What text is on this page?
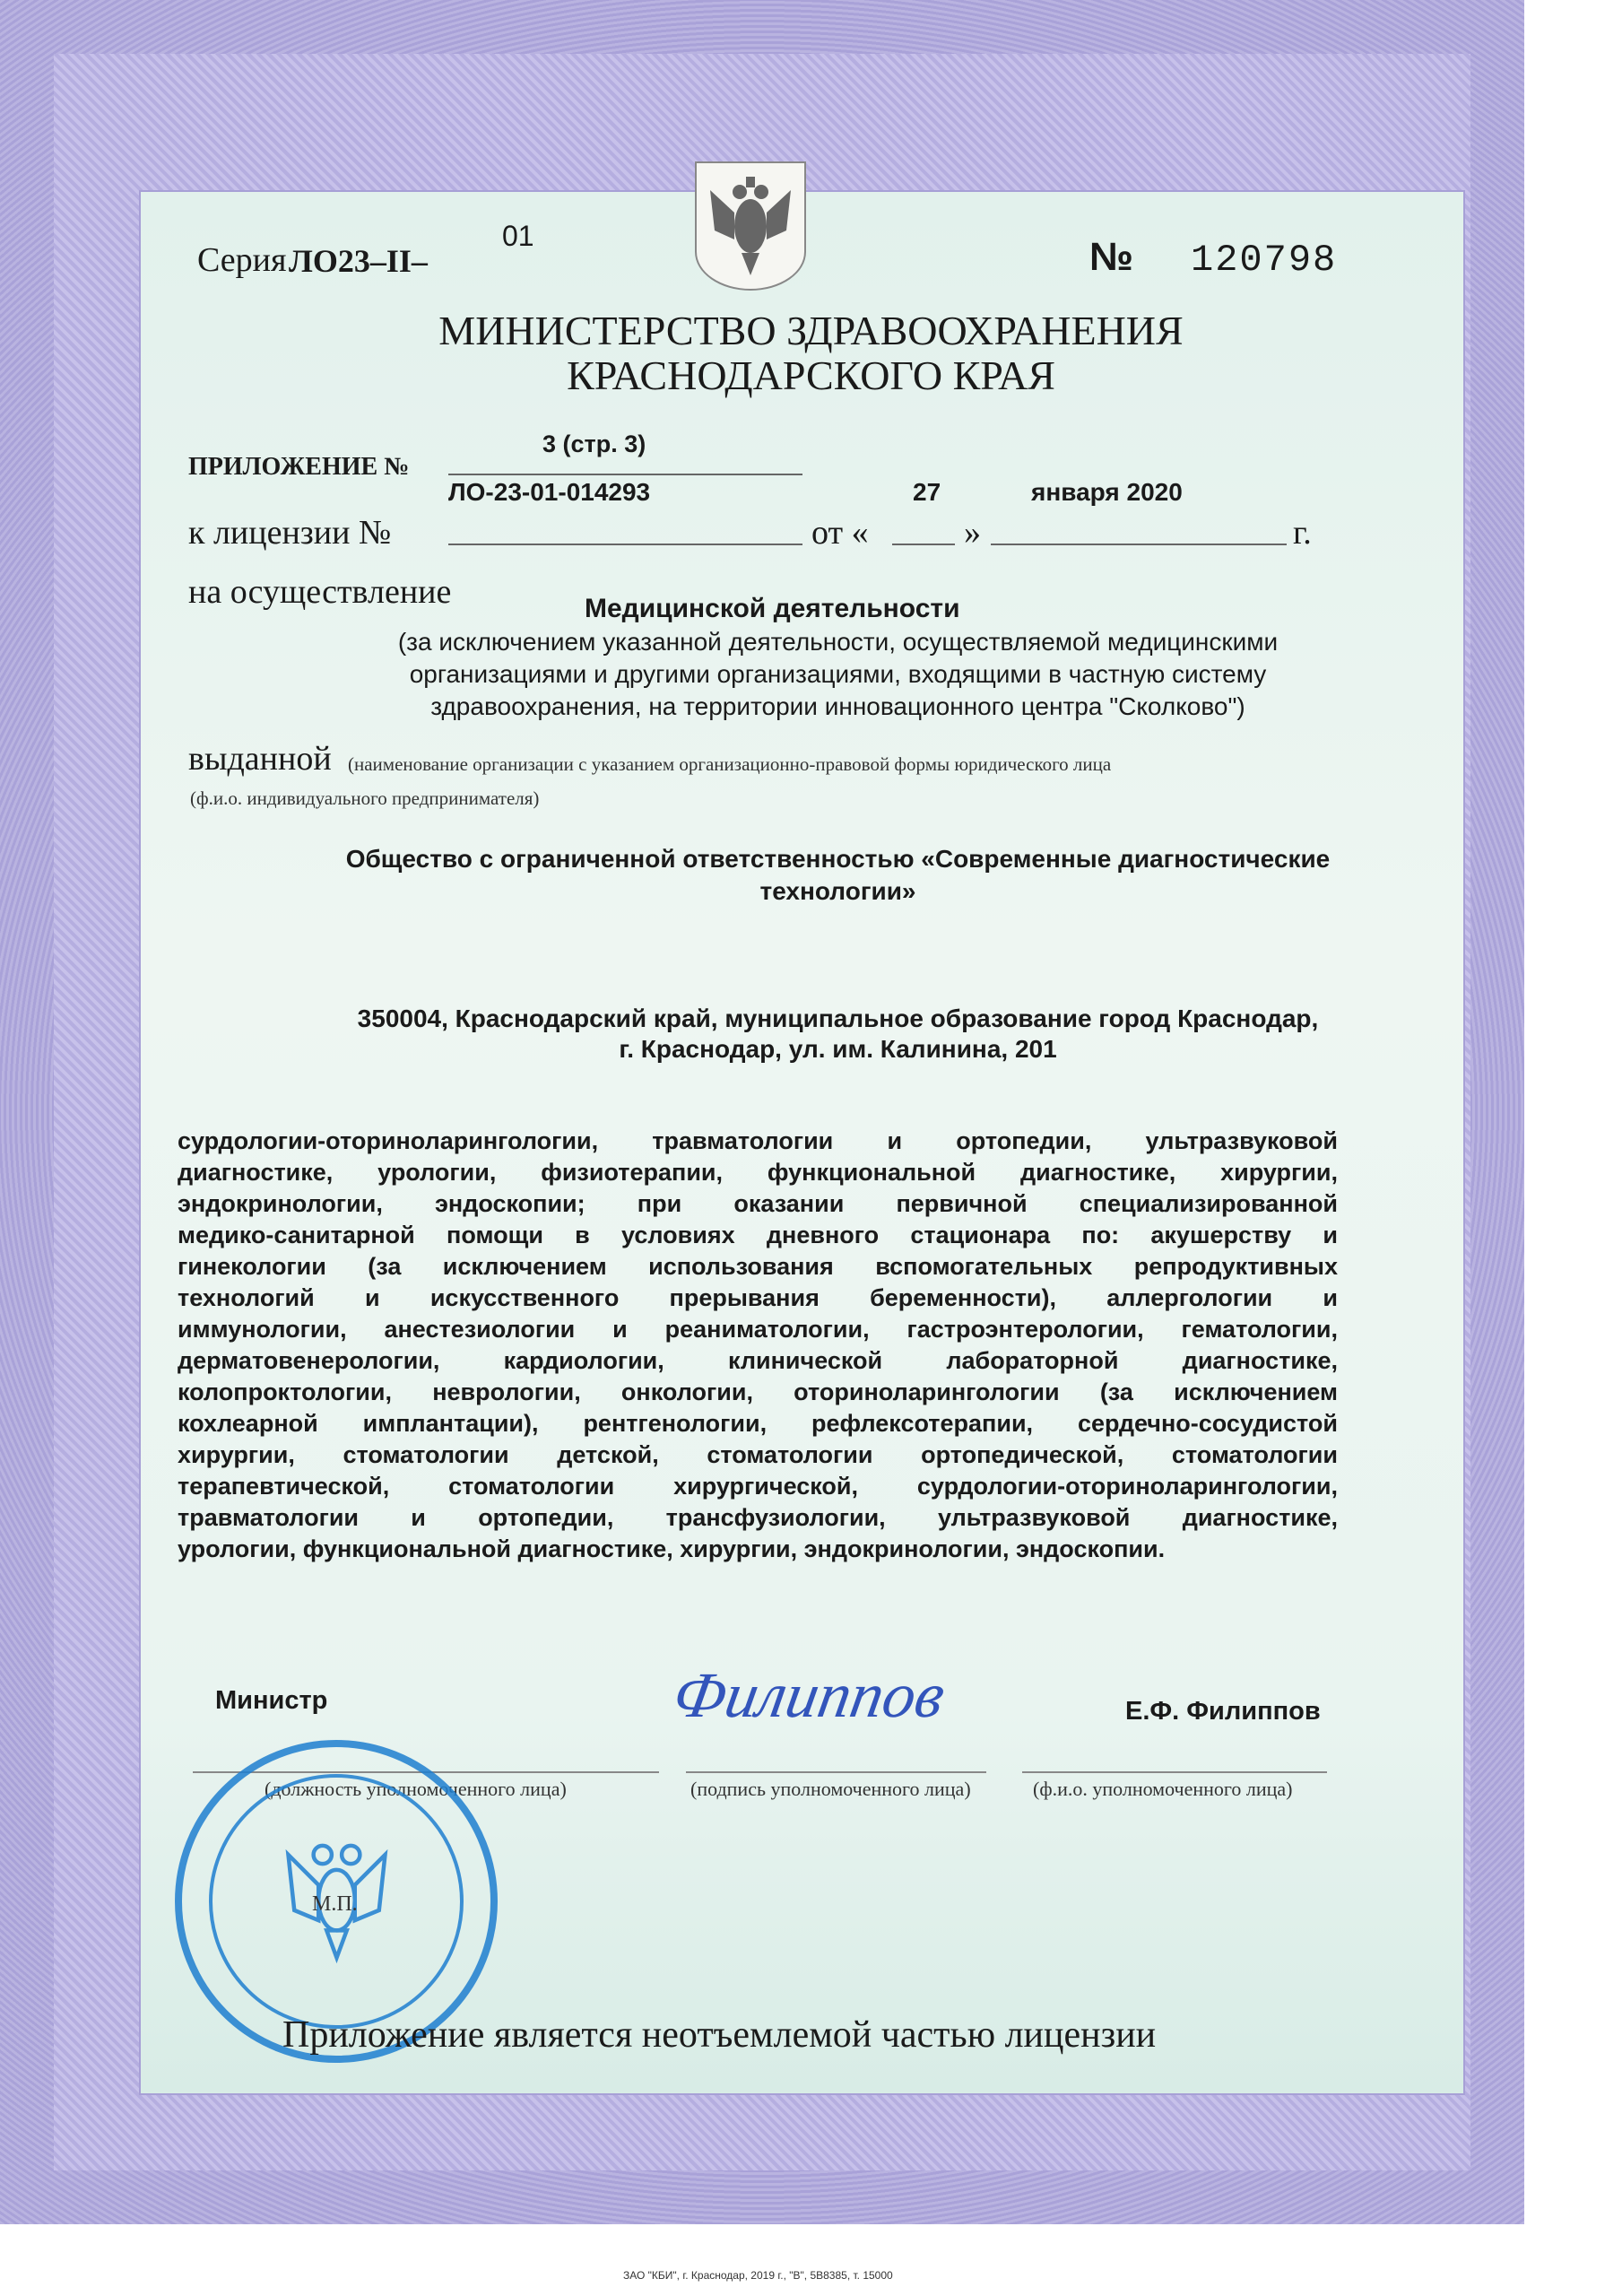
Серия ЛО23–II–
01	№ 120798
МИНИСТЕРСТВО ЗДРАВООХРАНЕНИЯ
КРАСНОДАРСКОГО КРАЯ
3 (стр. 3)
ПРИЛОЖЕНИЕ №
ЛО-23-01-014293	27	января 2020
к лицензии №	от «	»	г.
на осуществление	Медицинской деятельности
(за исключением указанной деятельности, осуществляемой медицинскими
организациями и другими организациями, входящими в частную систему
здравоохранения, на территории инновационного центра "Сколково")
выданной (наименование организации с указанием организационно-правовой формы юридического лица
(ф.и.о. индивидуального предпринимателя)
Общество с ограниченной ответственностью «Современные диагностические
технологии»
350004, Краснодарский край, муниципальное образование город Краснодар,
г. Краснодар, ул. им. Калинина, 201
сурдологии-оториноларингологии, травматологии и ортопедии, ультразвуковой
диагностике, урологии, физиотерапии, функциональной диагностике, хирургии,
эндокринологии, эндоскопии; при оказании первичной специализированной
медико-санитарной помощи в условиях дневного стационара по: акушерству и
гинекологии (за исключением использования вспомогательных репродуктивных
технологий и искусственного прерывания беременности), аллергологии и
иммунологии, анестезиологии и реаниматологии, гастроэнтерологии, гематологии,
дерматовенерологии, кардиологии, клинической лабораторной диагностике,
колопроктологии, неврологии, онкологии, оториноларингологии (за исключением
кохлеарной имплантации), рентгенологии, рефлексотерапии, сердечно-сосудистой
хирургии, стоматологии детской, стоматологии ортопедической, стоматологии
терапевтической, стоматологии хирургической, сурдологии-оториноларингологии,
травматологии и ортопедии, трансфузиологии, ультразвуковой диагностике,
урологии, функциональной диагностике, хирургии, эндокринологии, эндоскопии.
Министр	Е.Ф. Филиппов
Филиппов
(должность уполномоченного лица)	(подпись уполномоченного лица)	(ф.и.о. уполномоченного лица)
М.П.
Приложение является неотъемлемой частью лицензии
ЗАО "КБИ", г. Краснодар, 2019 г., "В", 5В8385, т. 15000
